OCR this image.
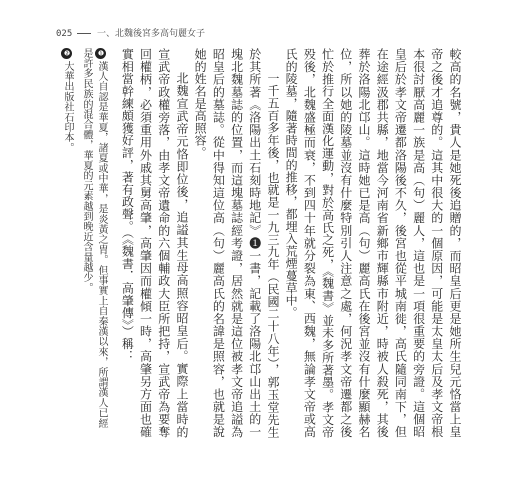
025	一、北魏後宮多高句麗女子

較高的名號，貴人是她死後追贈的，而昭皇后更是她所生兒元恪當上皇帝之後才追尊的。這其中很大的一個原因，可能是太皇太后及孝文帝根本很討厭高麗一族是高（句）麗人，這也是一項很重要的旁證。這個昭皇后於孝文帝遷都洛陽後不久，後宮也從平城南徙，高氏隨同南下，但在途經汲郡共縣，地當今河南省新鄉市輝縣市附近，時被人殺死，其後葬於洛陽北邙山。這時她已是高（句）麗高氏在後宮並沒有什麼顯赫名位，所以她的陵墓並沒有什麼特別引人注意之處，何況孝文帝遷都之後忙於推行全面漢化運動，對於高氏之死，《魏書》並未多所著墨。孝文帝殁後，北魏盛極而衰，不到四十年就分裂為東、西魏，無論孝文帝或高氏的陵墓，隨著時間的推移，都埋入荒煙蔓草中。

一千五百多年後，也就是一九三九年（民國二十八年），郭玉堂先生於其所著《洛陽出土石刻時地記》❶一書，記載了洛陽北邙山出土的一塊北魏墓誌的位置，而這塊墓誌經考證，居然就是這位被孝文帝追謚為昭皇后的墓誌。從中得知這位高（句）麗高氏的名諱是照容，也就是說她的姓名是高照容。

北魏宣武帝元恪即位後，追謚其生母高照容昭皇后。實際上當時的宣武帝政權旁落，由孝文帝遺命的六個輔政大臣所把持，宣武帝為要奪回權柄，必須重用外戚其舅高肇，高肇因而權傾一時，高肇另方面也確實相當幹練頗獲好評，著有政聲。（《魏書．高肇傳》）稱：

❶漢人自認是華夏，諸夏或中華，是炎黃之胄。但事實上自秦漢以來，所謂漢人已經是許多民族的混合體，華夏的元素越到晚近含量越少。

❷大華出版社石印本。
